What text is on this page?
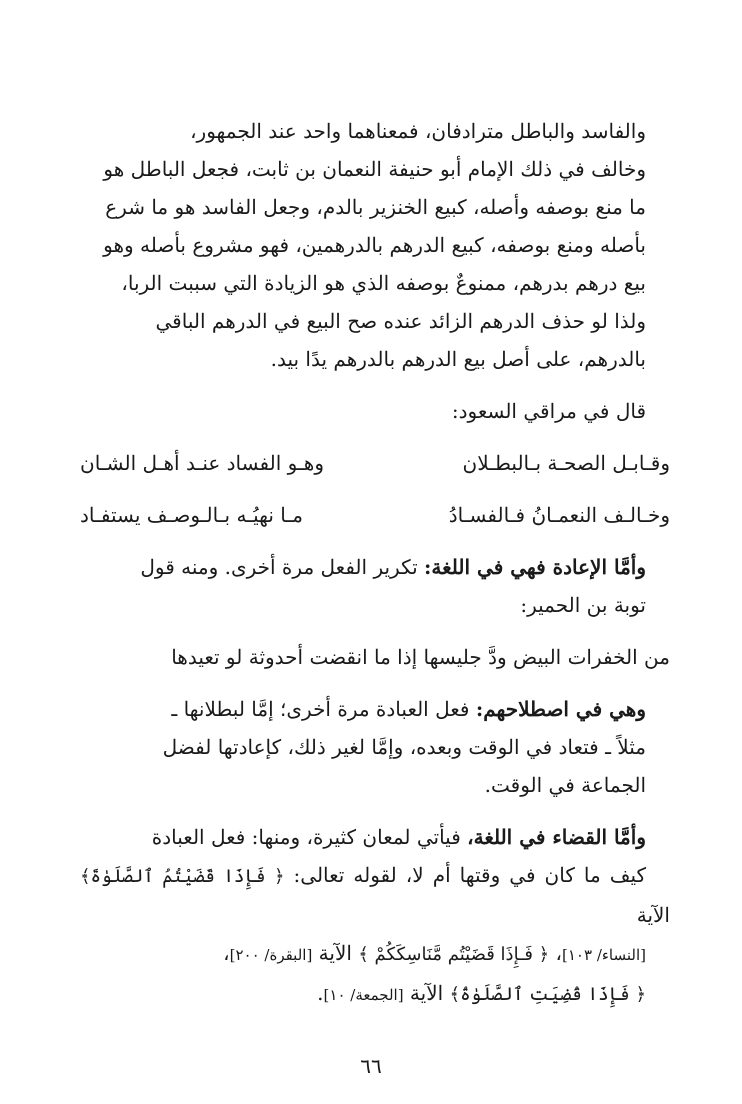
والفاسد والباطل مترادفان، فمعناهما واحد عند الجمهور،
وخالف في ذلك الإمام أبو حنيفة النعمان بن ثابت، فجعل الباطل هو
ما منع بوصفه وأصله، كبيع الخنزير بالدم، وجعل الفاسد هو ما شرع
بأصله ومنع بوصفه، كبيع الدرهم بالدرهمين، فهو مشروع بأصله وهو
بيع درهم بدرهم، ممنوعٌ بوصفه الذي هو الزيادة التي سببت الربا،
ولذا لو حذف الدرهم الزائد عنده صح البيع في الدرهم الباقي
بالدرهم، على أصل بيع الدرهم بالدرهم يدًا بيد.

قال في مراقي السعود:

وقـابـل الصحـة بـالبطـلان
وهـو الفساد عنـد أهـل الشـان
وخـالـف النعمـانُ فـالفسـادُ
مـا نهيُـه بـالـوصـف يستفـاد

وأمَّا الإعادة فهي في اللغة: تكرير الفعل مرة أخرى. ومنه قول
توبة بن الحمير:

من الخفرات البيض ودَّ جليسها إذا ما انقضت أحدوثة لو تعيدها

وهي في اصطلاحهم: فعل العبادة مرة أخرى؛ إمَّا لبطلانها ـ
مثلاً ـ فتعاد في الوقت وبعده، وإمَّا لغير ذلك، كإعادتها لفضل
الجماعة في الوقت.

وأمَّا القضاء في اللغة، فيأتي لمعان كثيرة، ومنها: فعل العبادة
كيف ما كان في وقتها أم لا، لقوله تعالى: ﴿ فَإِذَا قَضَيْتُمُ ٱلصَّلَوٰةَ﴾ الآية
[النساء/ ١٠٣]، ﴿ فَـإِذَا قَضَيْتُم مَّنَاسِكَكُمْ ﴾ الآية [البقرة/ ٢٠٠]،
﴿ فَإِذَا قُضِيَتِ ٱلصَّلَوٰةُ﴾ الآية [الجمعة/ ١٠].

٦٦
